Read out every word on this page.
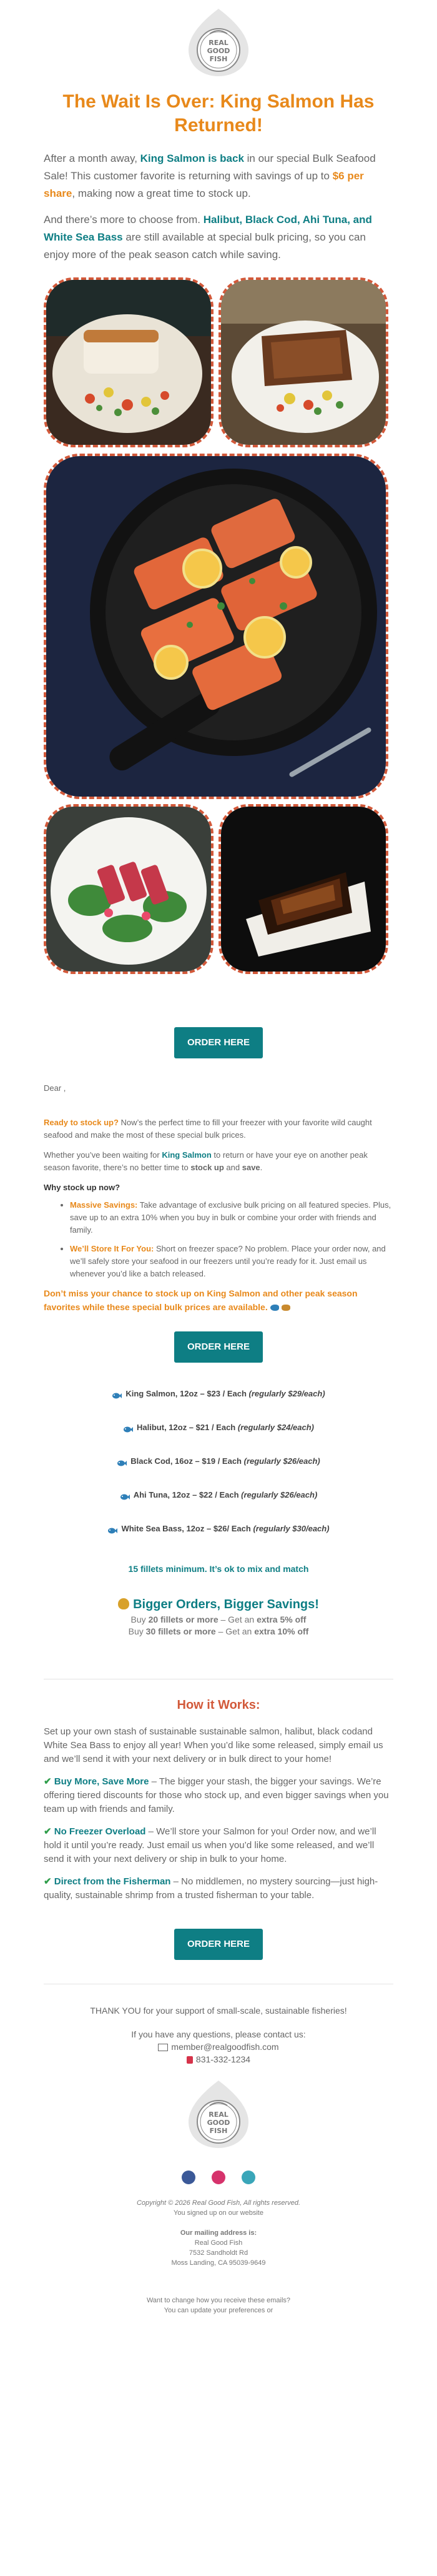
REAL
GOOD
FISH
The Wait Is Over: King Salmon Has Returned!

After a month away, King Salmon is back in our special Bulk Seafood Sale! This customer favorite is returning with savings of up to $6 per share, making now a great time to stock up.

And there’s more to choose from. Halibut, Black Cod, Ahi Tuna, and White Sea Bass are still available at special bulk pricing, so you can enjoy more of the peak season catch while saving.

ORDER HERE
Dear ,

Ready to stock up? Now’s the perfect time to fill your freezer with your favorite wild caught seafood and make the most of these special bulk prices.

Whether you’ve been waiting for King Salmon to return or have your eye on another peak season favorite, there’s no better time to stock up and save.

Why stock up now?

• Massive Savings: Take advantage of exclusive bulk pricing on all featured species. Plus, save up to an extra 10% when you buy in bulk or combine your order with friends and family.
• We’ll Store It For You: Short on freezer space? No problem. Place your order now, and we’ll safely store your seafood in our freezers until you’re ready for it. Just email us whenever you’d like a batch released.

Don’t miss your chance to stock up on King Salmon and other peak season favorites while these special bulk prices are available.

ORDER HERE
King Salmon, 12oz – $23 / Each (regularly $29/each)
Halibut, 12oz – $21 / Each (regularly $24/each)
Black Cod, 16oz – $19 / Each (regularly $26/each)
Ahi Tuna, 12oz – $22 / Each (regularly $26/each)
White Sea Bass, 12oz – $26/ Each (regularly $30/each)
15 fillets minimum. It’s ok to mix and match
Bigger Orders, Bigger Savings!
Buy 20 fillets or more – Get an extra 5% off
Buy 30 fillets or more – Get an extra 10% off
How it Works:

Set up your own stash of sustainable sustainable salmon, halibut, black codand White Sea Bass to enjoy all year! When you’d like some released, simply email us and we’ll send it with your next delivery or in bulk direct to your home!

✔ Buy More, Save More – The bigger your stash, the bigger your savings. We’re offering tiered discounts for those who stock up, and even bigger savings when you team up with friends and family.

✔ No Freezer Overload – We’ll store your Salmon for you! Order now, and we’ll hold it until you’re ready. Just email us when you’d like some released, and we’ll send it with your next delivery or ship in bulk to your home.

✔ Direct from the Fisherman – No middlemen, no mystery sourcing—just high-quality, sustainable shrimp from a trusted fisherman to your table.

ORDER HERE
THANK YOU for your support of small-scale, sustainable fisheries!
If you have any questions, please contact us:
member@realgoodfish.com
831-332-1234
REAL
GOOD
FISH

Copyright © 2026 Real Good Fish, All rights reserved.
You signed up on our website
Our mailing address is:
Real Good Fish
7532 Sandholdt Rd
Moss Landing, CA 95039-9649
Want to change how you receive these emails?
You can update your preferences or
